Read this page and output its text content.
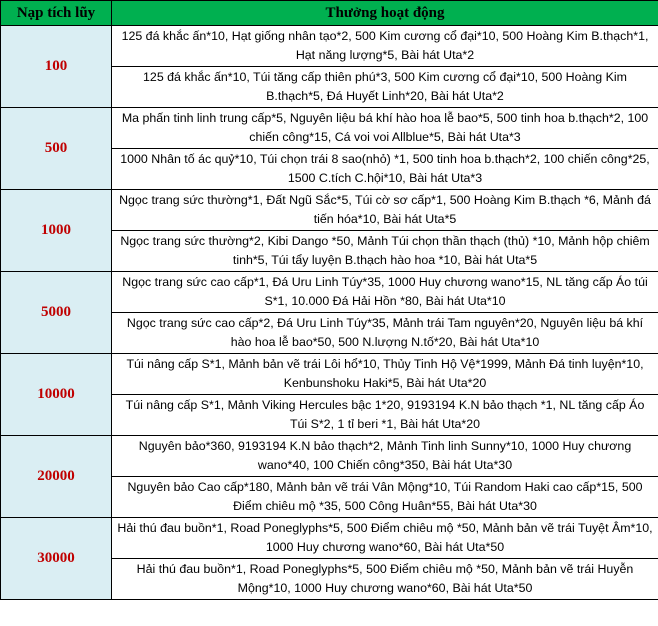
Nạp tích lũy	Thưởng hoạt động
100	125 đá khắc ấn*10, Hạt giống nhân tạo*2, 500 Kim cương cổ đại*10, 500 Hoàng Kim B.thạch*1, Hạt năng lượng*5, Bài hát Uta*2
	125 đá khắc ấn*10, Túi tăng cấp thiên phú*3, 500 Kim cương cổ đại*10, 500 Hoàng Kim B.thạch*5, Đá Huyết Linh*20, Bài hát Uta*2
500	Ma phấn tinh linh trung cấp*5, Nguyên liệu bá khí hào hoa lễ bao*5, 500 tinh hoa b.thạch*2, 100 chiến công*15, Cá voi voi Allblue*5, Bài hát Uta*3
	1000 Nhân tố ác quỷ*10, Túi chọn trái 8 sao(nhỏ) *1, 500 tinh hoa b.thạch*2, 100 chiến công*25, 1500 C.tích C.hội*10, Bài hát Uta*3
1000	Ngọc trang sức thường*1, Đất Ngũ Sắc*5, Túi cờ sơ cấp*1, 500 Hoàng Kim B.thạch *6, Mảnh đá tiến hóa*10, Bài hát Uta*5
	Ngọc trang sức thường*2, Kibi Dango *50, Mảnh Túi chọn thần thạch (thủ) *10, Mảnh hộp chiêm tinh*5, Túi tẩy luyện B.thạch hào hoa *10, Bài hát Uta*5
5000	Ngọc trang sức cao cấp*1, Đá Uru Linh Túy*35, 1000 Huy chương wano*15, NL tăng cấp Áo túi S*1, 10.000 Đá Hải Hồn *80, Bài hát Uta*10
	Ngọc trang sức cao cấp*2, Đá Uru Linh Túy*35, Mảnh trái Tam nguyên*20, Nguyên liệu bá khí hào hoa lễ bao*50, 500 N.lượng N.tố*20, Bài hát Uta*10
10000	Túi nâng cấp S*1, Mảnh bản vẽ trái Lôi hổ*10, Thủy Tinh Hộ Vệ*1999, Mảnh Đá tinh luyện*10, Kenbunshoku Haki*5, Bài hát Uta*20
	Túi nâng cấp S*1, Mảnh Viking Hercules bậc 1*20, 9193194 K.N bảo thạch *1, NL tăng cấp Áo Túi S*2, 1 tỉ beri *1, Bài hát Uta*20
20000	Nguyên bảo*360, 9193194 K.N bảo thạch*2, Mảnh Tinh linh Sunny*10, 1000 Huy chương wano*40, 100 Chiến công*350, Bài hát Uta*30
	Nguyên bảo Cao cấp*180, Mảnh bản vẽ trái Vân Mộng*10, Túi Random Haki cao cấp*15, 500 Điểm chiêu mộ *35, 500 Công Huân*55, Bài hát Uta*30
30000	Hải thú đau buồn*1, Road Poneglyphs*5, 500 Điểm chiêu mộ *50, Mảnh bản vẽ trái Tuyệt Âm*10, 1000 Huy chương wano*60, Bài hát Uta*50
	Hải thú đau buồn*1, Road Poneglyphs*5, 500 Điểm chiêu mộ *50, Mảnh bản vẽ trái Huyễn Mộng*10, 1000 Huy chương wano*60, Bài hát Uta*50
